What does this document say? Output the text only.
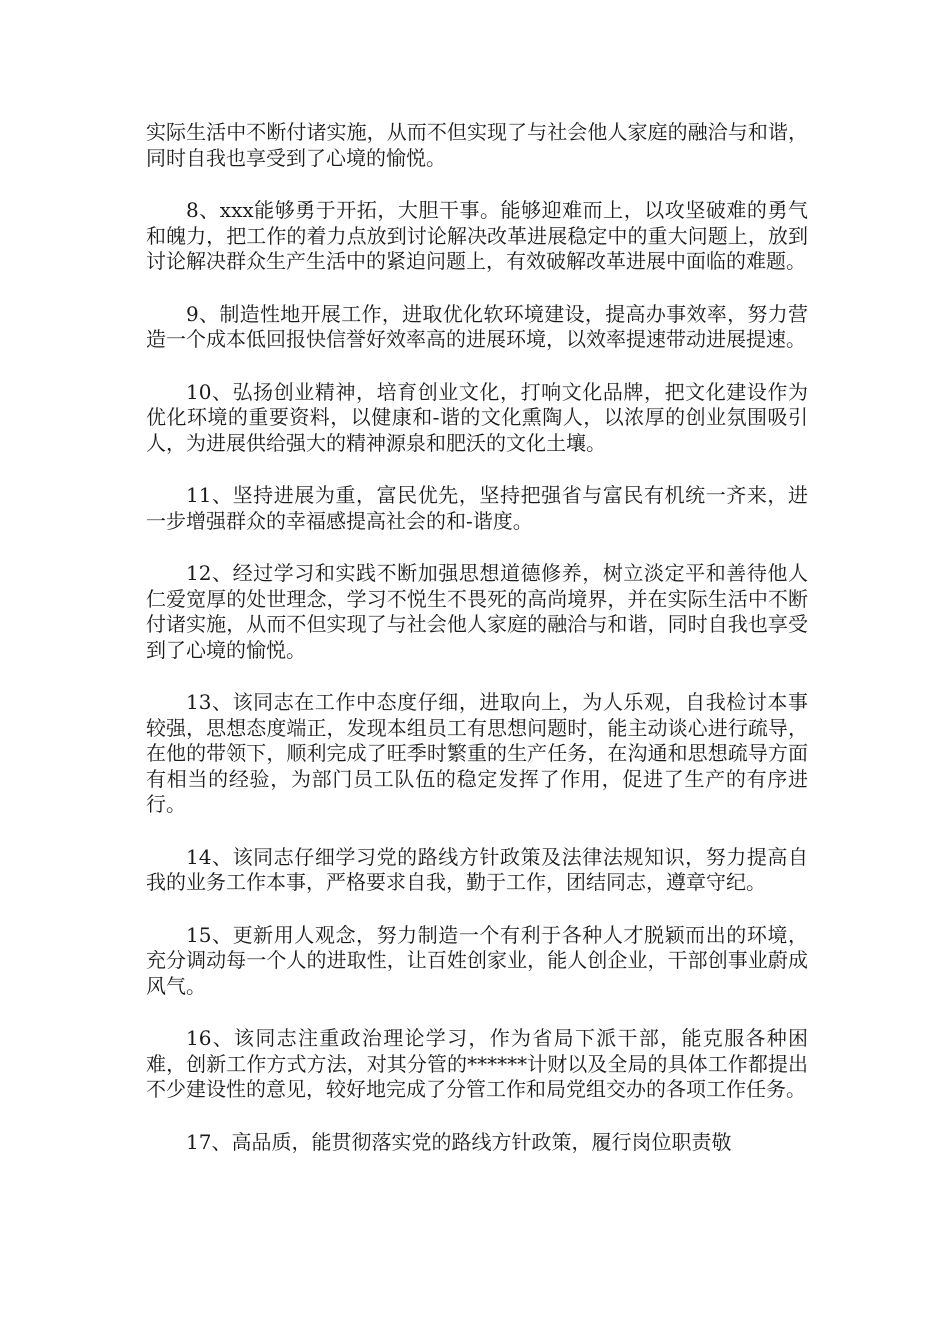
实际生活中不断付诸实施，从而不但实现了与社会他人家庭的融洽与和谐，同时自我也享受到了心境的愉悦。

8、xxx能够勇于开拓，大胆干事。能够迎难而上，以攻坚破难的勇气和魄力，把工作的着力点放到讨论解决改革进展稳定中的重大问题上，放到讨论解决群众生产生活中的紧迫问题上，有效破解改革进展中面临的难题。

9、制造性地开展工作，进取优化软环境建设，提高办事效率，努力营造一个成本低回报快信誉好效率高的进展环境，以效率提速带动进展提速。

10、弘扬创业精神，培育创业文化，打响文化品牌，把文化建设作为优化环境的重要资料，以健康和-谐的文化熏陶人，以浓厚的创业氛围吸引人，为进展供给强大的精神源泉和肥沃的文化土壤。

11、坚持进展为重，富民优先，坚持把强省与富民有机统一齐来，进一步增强群众的幸福感提高社会的和-谐度。

12、经过学习和实践不断加强思想道德修养，树立淡定平和善待他人仁爱宽厚的处世理念，学习不悦生不畏死的高尚境界，并在实际生活中不断付诸实施，从而不但实现了与社会他人家庭的融洽与和谐，同时自我也享受到了心境的愉悦。

13、该同志在工作中态度仔细，进取向上，为人乐观，自我检讨本事较强，思想态度端正，发现本组员工有思想问题时，能主动谈心进行疏导，在他的带领下，顺利完成了旺季时繁重的生产任务，在沟通和思想疏导方面有相当的经验，为部门员工队伍的稳定发挥了作用，促进了生产的有序进行。

14、该同志仔细学习党的路线方针政策及法律法规知识，努力提高自我的业务工作本事，严格要求自我，勤于工作，团结同志，遵章守纪。

15、更新用人观念，努力制造一个有利于各种人才脱颖而出的环境，充分调动每一个人的进取性，让百姓创家业，能人创企业，干部创事业蔚成风气。

16、该同志注重政治理论学习，作为省局下派干部，能克服各种困难，创新工作方式方法，对其分管的******计财以及全局的具体工作都提出不少建设性的意见，较好地完成了分管工作和局党组交办的各项工作任务。

17、高品质，能贯彻落实党的路线方针政策，履行岗位职责敬
